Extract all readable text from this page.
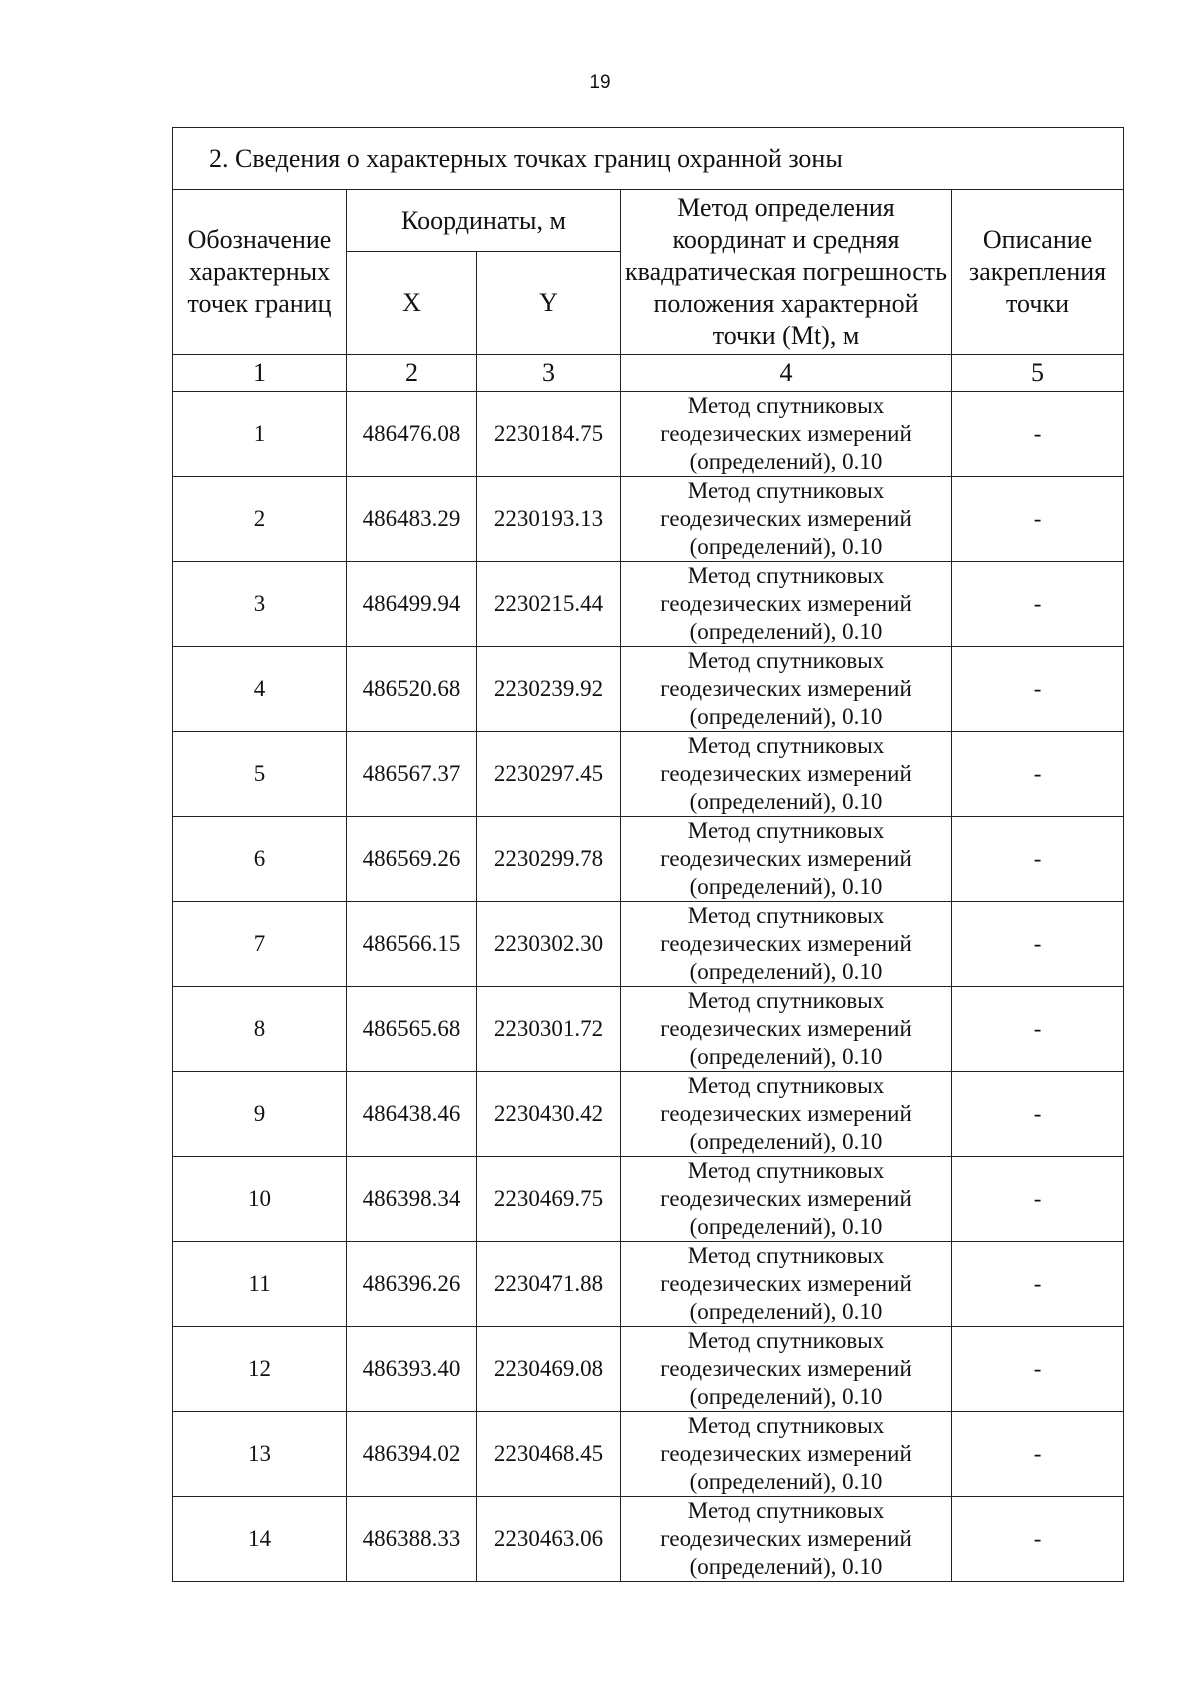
19
2. Сведения о характерных точках границ охранной зоны				
Обозначение характерных точек границ	Координаты, м		Метод определения координат и средняя квадратическая погрешность положения характерной точки (Mt), м	Описание закрепления точки
	X	Y		
1	2	3	4	5
1	486476.08	2230184.75	Метод спутниковых геодезических измерений (определений), 0.10	-
2	486483.29	2230193.13	Метод спутниковых геодезических измерений (определений), 0.10	-
3	486499.94	2230215.44	Метод спутниковых геодезических измерений (определений), 0.10	-
4	486520.68	2230239.92	Метод спутниковых геодезических измерений (определений), 0.10	-
5	486567.37	2230297.45	Метод спутниковых геодезических измерений (определений), 0.10	-
6	486569.26	2230299.78	Метод спутниковых геодезических измерений (определений), 0.10	-
7	486566.15	2230302.30	Метод спутниковых геодезических измерений (определений), 0.10	-
8	486565.68	2230301.72	Метод спутниковых геодезических измерений (определений), 0.10	-
9	486438.46	2230430.42	Метод спутниковых геодезических измерений (определений), 0.10	-
10	486398.34	2230469.75	Метод спутниковых геодезических измерений (определений), 0.10	-
11	486396.26	2230471.88	Метод спутниковых геодезических измерений (определений), 0.10	-
12	486393.40	2230469.08	Метод спутниковых геодезических измерений (определений), 0.10	-
13	486394.02	2230468.45	Метод спутниковых геодезических измерений (определений), 0.10	-
14	486388.33	2230463.06	Метод спутниковых геодезических измерений (определений), 0.10	-
